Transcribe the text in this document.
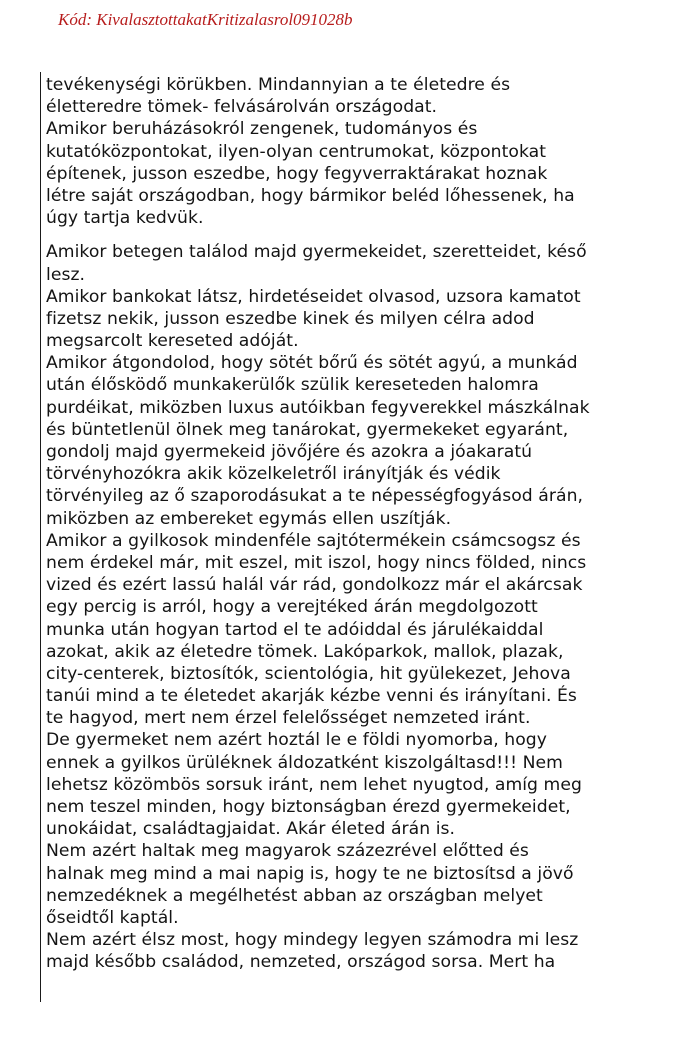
Kód: KivalasztottakatKritizalasrol091028b
tevékenységi körükben. Mindannyian a te életedre és
életteredre tömek- felvásárolván országodat.
Amikor beruházásokról zengenek, tudományos és
kutatóközpontokat, ilyen-olyan centrumokat, központokat
építenek, jusson eszedbe, hogy fegyverraktárakat hoznak
létre saját országodban, hogy bármikor beléd lőhessenek, ha
úgy tartja kedvük.
Amikor betegen találod majd gyermekeidet, szeretteidet, késő
lesz.
Amikor bankokat látsz, hirdetéseidet olvasod, uzsora kamatot
fizetsz nekik, jusson eszedbe kinek és milyen célra adod
megsarcolt kereseted adóját.
Amikor átgondolod, hogy sötét bőrű és sötét agyú, a munkád
után élősködő munkakerülők szülik kereseteden halomra
purdéikat, miközben luxus autóikban fegyverekkel mászkálnak
és büntetlenül ölnek meg tanárokat, gyermekeket egyaránt,
gondolj majd gyermekeid jövőjére és azokra a jóakaratú
törvényhozókra akik közelkeletről irányítják és védik
törvényileg az ő szaporodásukat a te népességfogyásod árán,
miközben az embereket egymás ellen uszítják.
Amikor a gyilkosok mindenféle sajtótermékein csámcsogsz és
nem érdekel már, mit eszel, mit iszol, hogy nincs földed, nincs
vized és ezért lassú halál vár rád, gondolkozz már el akárcsak
egy percig is arról, hogy a verejtéked árán megdolgozott
munka után hogyan tartod el te adóiddal és járulékaiddal
azokat, akik az életedre tömek. Lakóparkok, mallok, plazak,
city-centerek, biztosítók, scientológia, hit gyülekezet, Jehova
tanúi mind a te életedet akarják kézbe venni és irányítani. És
te hagyod, mert nem érzel felelősséget nemzeted iránt.
De gyermeket nem azért hoztál le e földi nyomorba, hogy
ennek a gyilkos ürüléknek áldozatként kiszolgáltasd!!! Nem
lehetsz közömbös sorsuk iránt, nem lehet nyugtod, amíg meg
nem teszel minden, hogy biztonságban érezd gyermekeidet,
unokáidat, családtagjaidat. Akár életed árán is.
Nem azért haltak meg magyarok százezrével előtted és
halnak meg mind a mai napig is, hogy te ne biztosítsd a jövő
nemzedéknek a megélhetést abban az országban melyet
őseidtől kaptál.
Nem azért élsz most, hogy mindegy legyen számodra mi lesz
majd később családod, nemzeted, országod sorsa. Mert ha
